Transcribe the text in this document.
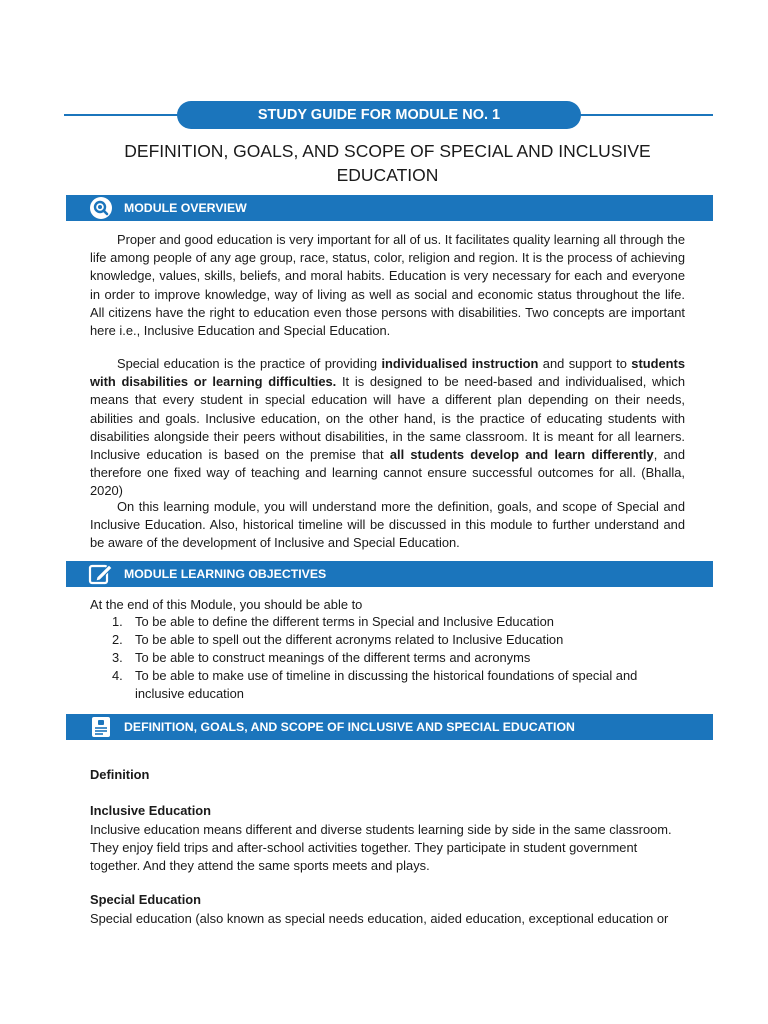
STUDY GUIDE FOR MODULE NO. 1
DEFINITION, GOALS, AND SCOPE OF SPECIAL AND INCLUSIVE
EDUCATION
MODULE OVERVIEW
Proper and good education is very important for all of us. It facilitates quality learning all through the life among people of any age group, race, status, color, religion and region. It is the process of achieving knowledge, values, skills, beliefs, and moral habits. Education is very necessary for each and everyone in order to improve knowledge, way of living as well as social and economic status throughout the life. All citizens have the right to education even those persons with disabilities. Two concepts are important here i.e., Inclusive Education and Special Education.
Special education is the practice of providing individualised instruction and support to students with disabilities or learning difficulties. It is designed to be need-based and individualised, which means that every student in special education will have a different plan depending on their needs, abilities and goals. Inclusive education, on the other hand, is the practice of educating students with disabilities alongside their peers without disabilities, in the same classroom. It is meant for all learners. Inclusive education is based on the premise that all students develop and learn differently, and therefore one fixed way of teaching and learning cannot ensure successful outcomes for all. (Bhalla, 2020)
On this learning module, you will understand more the definition, goals, and scope of Special and Inclusive Education. Also, historical timeline will be discussed in this module to further understand and be aware of the development of Inclusive and Special Education.
MODULE LEARNING OBJECTIVES
At the end of this Module, you should be able to
1. To be able to define the different terms in Special and Inclusive Education
2. To be able to spell out the different acronyms related to Inclusive Education
3. To be able to construct meanings of the different terms and acronyms
4. To be able to make use of timeline in discussing the historical foundations of special and inclusive education
DEFINITION, GOALS, AND SCOPE OF INCLUSIVE AND SPECIAL EDUCATION
Definition
Inclusive Education
Inclusive education means different and diverse students learning side by side in the same classroom. They enjoy field trips and after-school activities together. They participate in student government together. And they attend the same sports meets and plays.
Special Education
Special education (also known as special needs education, aided education, exceptional education or
